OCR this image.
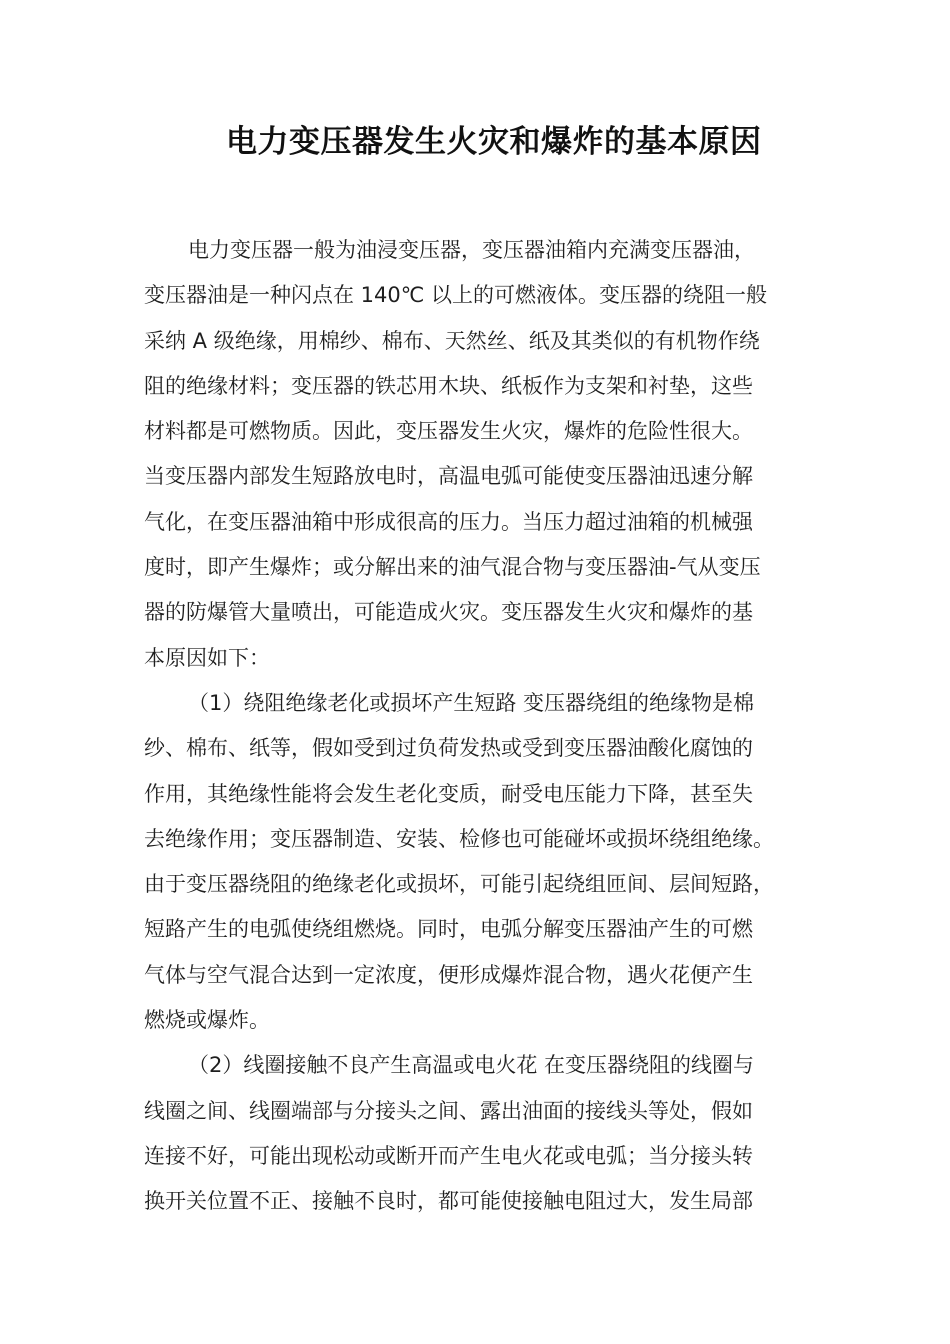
电力变压器发生火灾和爆炸的基本原因
电力变压器一般为油浸变压器，变压器油箱内充满变压器油，
变压器油是一种闪点在 140℃ 以上的可燃液体。变压器的绕阻一般
采纳 A 级绝缘，用棉纱、棉布、天然丝、纸及其类似的有机物作绕
阻的绝缘材料；变压器的铁芯用木块、纸板作为支架和衬垫，这些
材料都是可燃物质。因此，变压器发生火灾，爆炸的危险性很大。
当变压器内部发生短路放电时，高温电弧可能使变压器油迅速分解
气化，在变压器油箱中形成很高的压力。当压力超过油箱的机械强
度时，即产生爆炸；或分解出来的油气混合物与变压器油-气从变压
器的防爆管大量喷出，可能造成火灾。变压器发生火灾和爆炸的基
本原因如下：
（1）绕阻绝缘老化或损坏产生短路 变压器绕组的绝缘物是棉
纱、棉布、纸等，假如受到过负荷发热或受到变压器油酸化腐蚀的
作用，其绝缘性能将会发生老化变质，耐受电压能力下降，甚至失
去绝缘作用；变压器制造、安装、检修也可能碰坏或损坏绕组绝缘。
由于变压器绕阻的绝缘老化或损坏，可能引起绕组匝间、层间短路，
短路产生的电弧使绕组燃烧。同时，电弧分解变压器油产生的可燃
气体与空气混合达到一定浓度，便形成爆炸混合物，遇火花便产生
燃烧或爆炸。
（2）线圈接触不良产生高温或电火花 在变压器绕阻的线圈与
线圈之间、线圈端部与分接头之间、露出油面的接线头等处，假如
连接不好，可能出现松动或断开而产生电火花或电弧；当分接头转
换开关位置不正、接触不良时，都可能使接触电阻过大，发生局部
